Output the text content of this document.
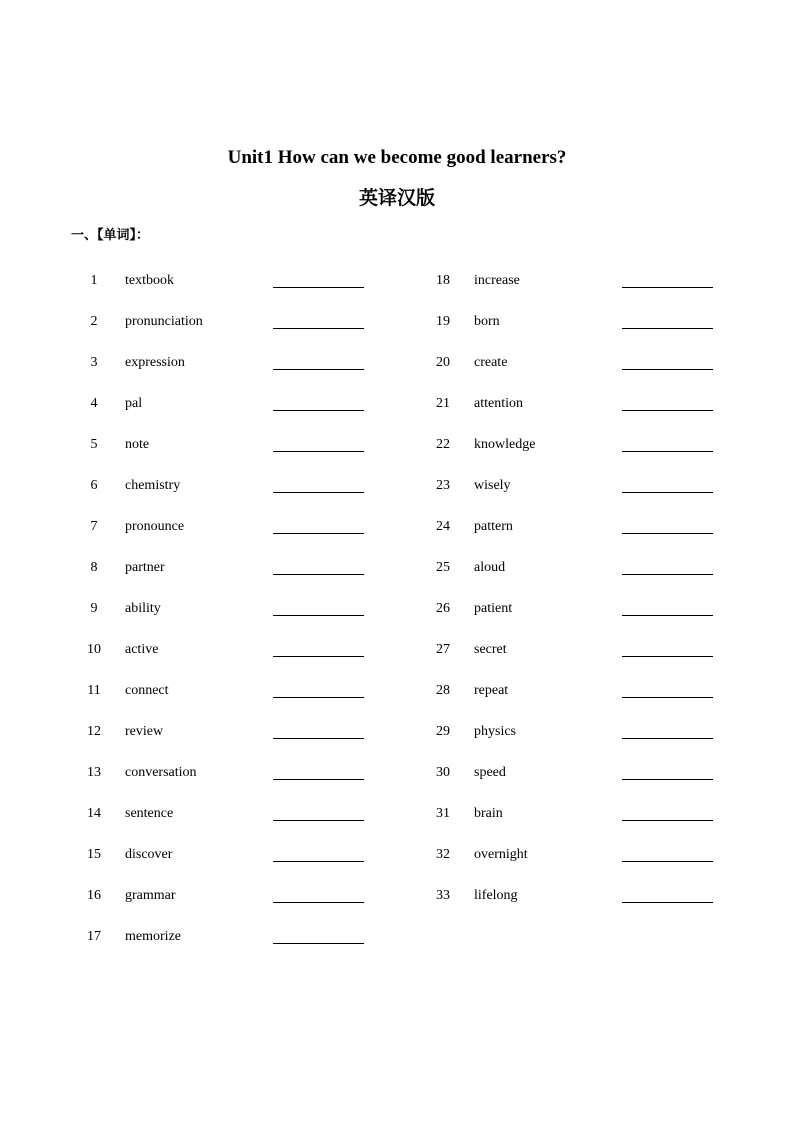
Unit1 How can we become good learners?
英译汉版
一、【单词】：
1	textbook
2	pronunciation
3	expression
4	pal
5	note
6	chemistry
7	pronounce
8	partner
9	ability
10	active
11	connect
12	review
13	conversation
14	sentence
15	discover
16	grammar
17	memorize
18	increase
19	born
20	create
21	attention
22	knowledge
23	wisely
24	pattern
25	aloud
26	patient
27	secret
28	repeat
29	physics
30	speed
31	brain
32	overnight
33	lifelong
